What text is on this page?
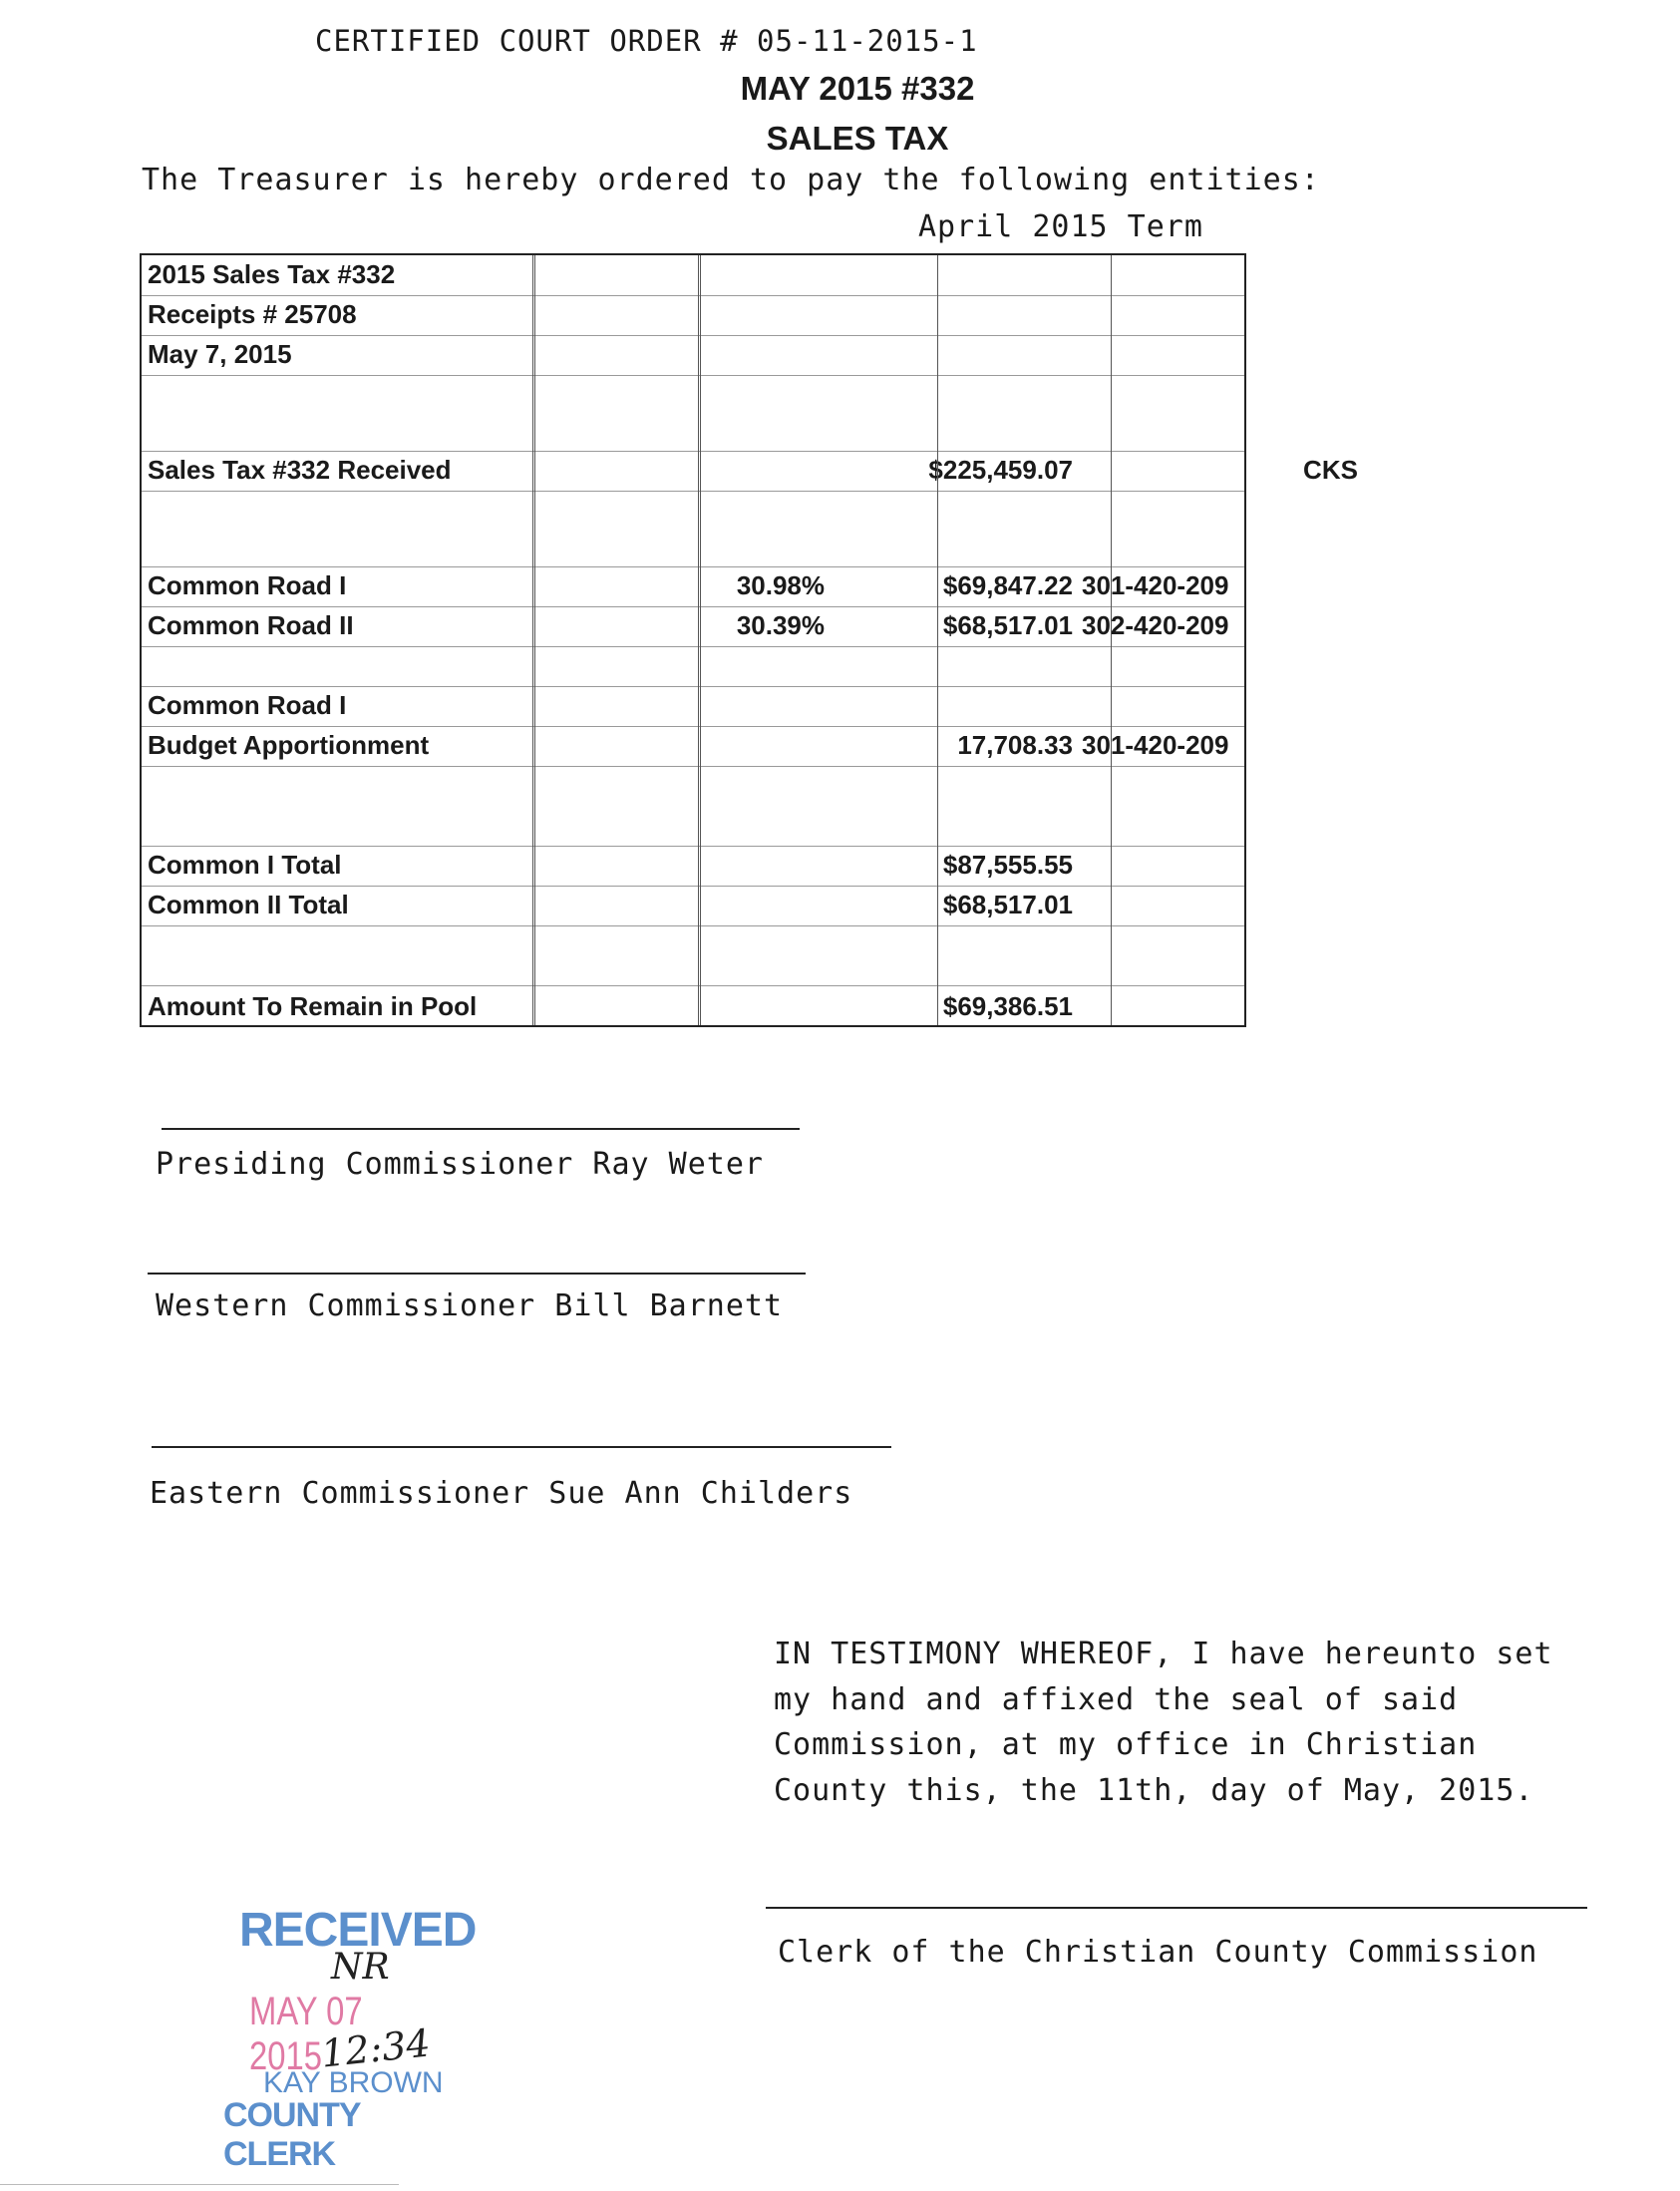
CERTIFIED COURT ORDER # 05-11-2015-1
MAY 2015 #332
SALES TAX
The Treasurer is hereby ordered to pay the following entities:
April 2015 Term
2015 Sales Tax #332
Receipts # 25708
May 7, 2015
Sales Tax #332 Received	$225,459.07	CKS
Common Road I	30.98%	$69,847.22 301-420-209
Common Road II	30.39%	$68,517.01 302-420-209
Common Road I
Budget Apportionment	17,708.33 301-420-209
Common I Total	$87,555.55
Common II Total	$68,517.01
Amount To Remain in Pool	$69,386.51
Presiding Commissioner Ray Weter
Western Commissioner Bill Barnett
Eastern Commissioner Sue Ann Childers
IN TESTIMONY WHEREOF, I have hereunto set
my hand and affixed the seal of said
Commission, at my office in Christian
County this, the 11th, day of May, 2015.
Clerk of the Christian County Commission
RECEIVED
NR
MAY 07 2015
12:34
KAY BROWN
COUNTY CLERK
